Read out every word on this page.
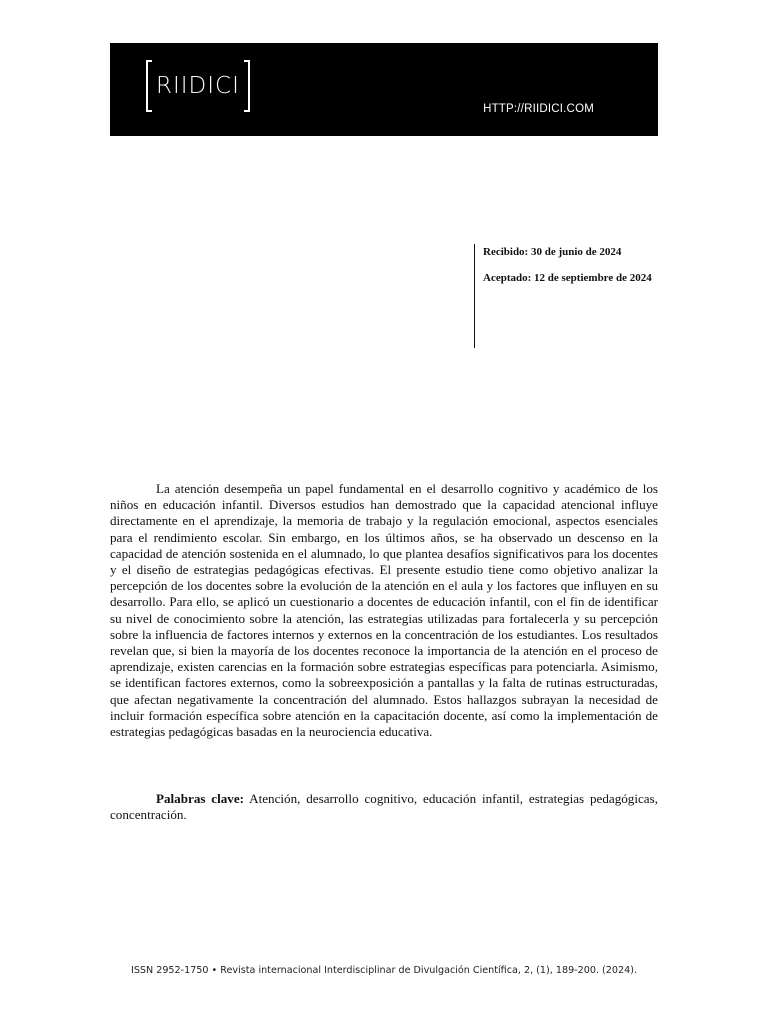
RIIDICI
HTTP://RIIDICI.COM

Recibido: 30 de junio de 2024

Aceptado: 12 de septiembre de 2024

La atención desempeña un papel fundamental en el desarrollo cognitivo y académico de los niños en educación infantil. Diversos estudios han demostrado que la capacidad atencional influye directamente en el aprendizaje, la memoria de trabajo y la regulación emocional, aspectos esenciales para el rendimiento escolar. Sin embargo, en los últimos años, se ha observado un descenso en la capacidad de atención sostenida en el alumnado, lo que plantea desafíos significativos para los docentes y el diseño de estrategias pedagógicas efectivas. El presente estudio tiene como objetivo analizar la percepción de los docentes sobre la evolución de la atención en el aula y los factores que influyen en su desarrollo. Para ello, se aplicó un cuestionario a docentes de educación infantil, con el fin de identificar su nivel de conocimiento sobre la atención, las estrategias utilizadas para fortalecerla y su percepción sobre la influencia de factores internos y externos en la concentración de los estudiantes. Los resultados revelan que, si bien la mayoría de los docentes reconoce la importancia de la atención en el proceso de aprendizaje, existen carencias en la formación sobre estrategias específicas para potenciarla. Asimismo, se identifican factores externos, como la sobreexposición a pantallas y la falta de rutinas estructuradas, que afectan negativamente la concentración del alumnado. Estos hallazgos subrayan la necesidad de incluir formación específica sobre atención en la capacitación docente, así como la implementación de estrategias pedagógicas basadas en la neurociencia educativa.

Palabras clave: Atención, desarrollo cognitivo, educación infantil, estrategias pedagógicas, concentración.

ISSN 2952-1750 • Revista internacional Interdisciplinar de Divulgación Científica, 2, (1), 189-200. (2024).
